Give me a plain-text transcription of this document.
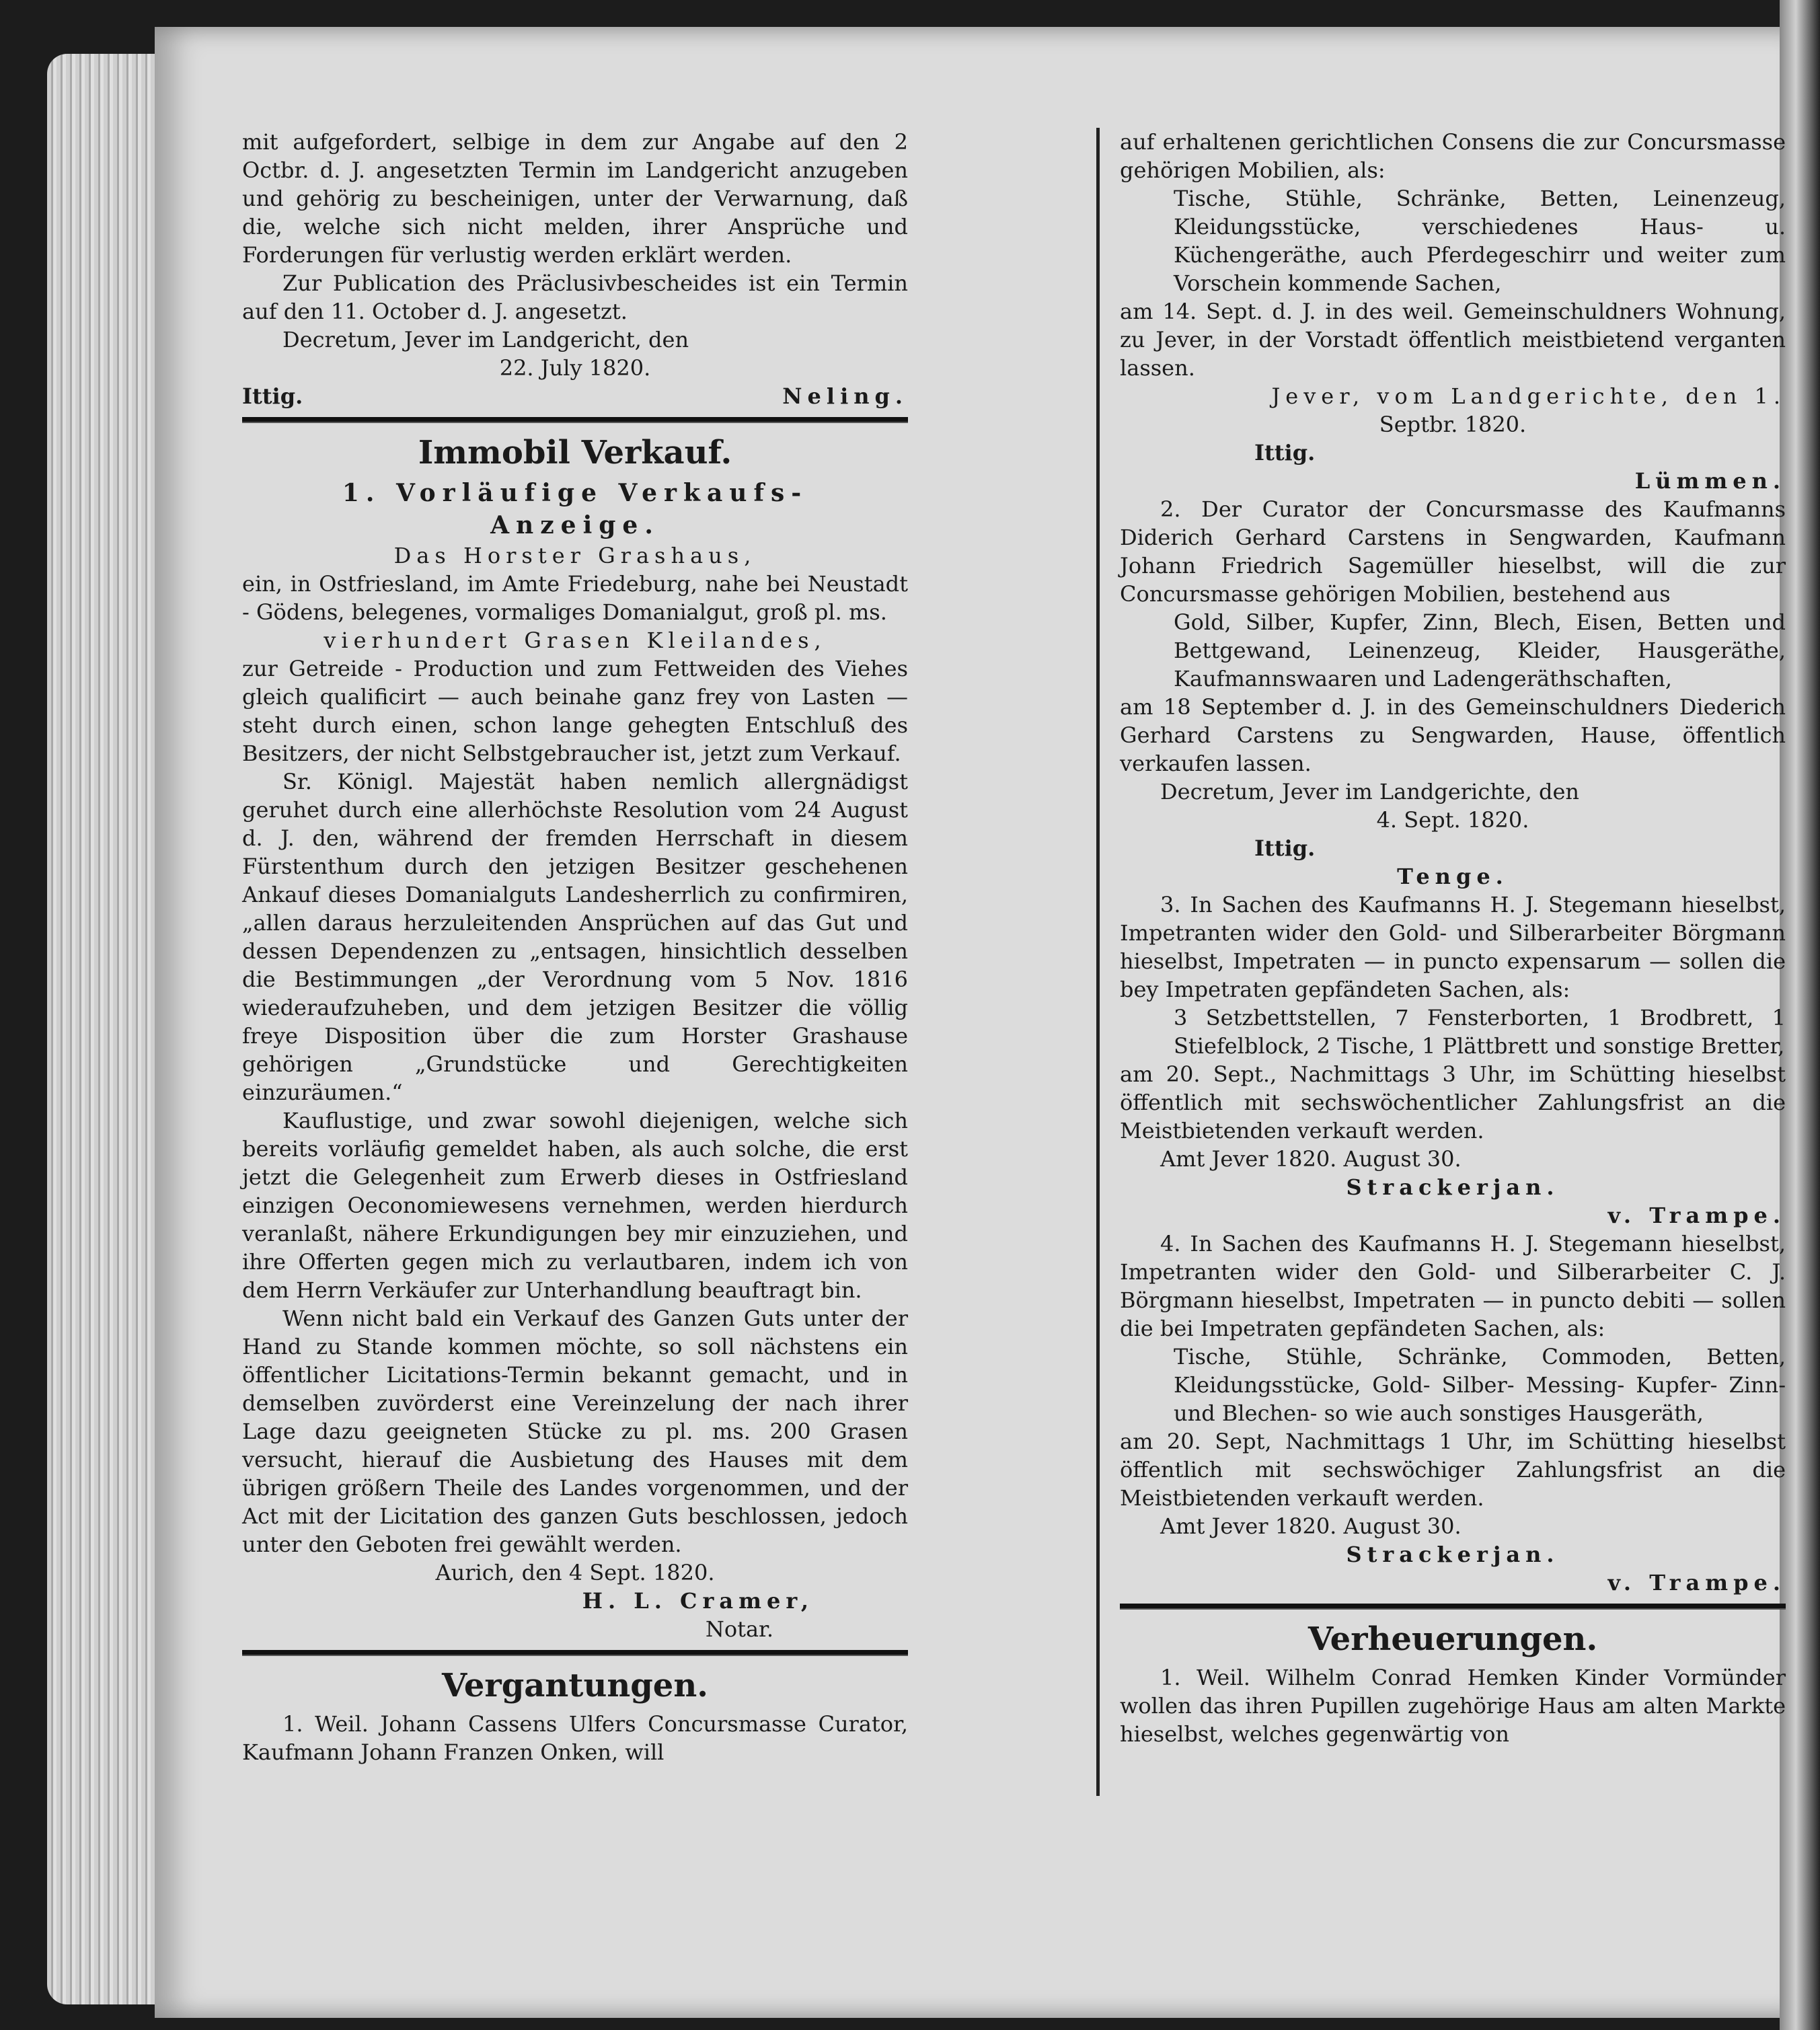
mit aufgefordert, selbige in dem zur Angabe auf den 2 Octbr. d. J. angesetzten Termin im Landgericht anzugeben und gehörig zu bescheinigen, unter der Verwarnung, daß die, welche sich nicht melden, ihrer Ansprüche und Forderungen für verlustig werden erklärt werden.

Zur Publication des Präclusivbescheides ist ein Termin auf den 11. October d. J. angesetzt.

Decretum, Jever im Landgericht, den

22. July 1820.

Ittig.	Neling.
Immobil Verkauf.
1. Vorläufige Verkaufs-
Anzeige.

Das Horster Grashaus,

ein, in Ostfriesland, im Amte Friedeburg, nahe bei Neustadt - Gödens, belegenes, vormaliges Domanialgut, groß pl. ms.

vierhundert Grasen Kleilandes,

zur Getreide - Production und zum Fettweiden des Viehes gleich qualificirt — auch beinahe ganz frey von Lasten — steht durch einen, schon lange gehegten Entschluß des Besitzers, der nicht Selbstgebraucher ist, jetzt zum Verkauf.

Sr. Königl. Majestät haben nemlich allergnädigst geruhet durch eine allerhöchste Resolution vom 24 August d. J. den, während der fremden Herrschaft in diesem Fürstenthum durch den jetzigen Besitzer geschehenen Ankauf dieses Domanialguts Landesherrlich zu confirmiren, „allen daraus herzuleitenden Ansprüchen auf das Gut und dessen Dependenzen zu „entsagen, hinsichtlich desselben die Bestimmungen „der Verordnung vom 5 Nov. 1816 wiederaufzuheben, und dem jetzigen Besitzer die völlig freye Disposition über die zum Horster Grashause gehörigen „Grundstücke und Gerechtigkeiten einzuräumen.“

Kauflustige, und zwar sowohl diejenigen, welche sich bereits vorläufig gemeldet haben, als auch solche, die erst jetzt die Gelegenheit zum Erwerb dieses in Ostfriesland einzigen Oeconomiewesens vernehmen, werden hierdurch veranlaßt, nähere Erkundigungen bey mir einzuziehen, und ihre Offerten gegen mich zu verlautbaren, indem ich von dem Herrn Verkäufer zur Unterhandlung beauftragt bin.

Wenn nicht bald ein Verkauf des Ganzen Guts unter der Hand zu Stande kommen möchte, so soll nächstens ein öffentlicher Licitations-Termin bekannt gemacht, und in demselben zuvörderst eine Vereinzelung der nach ihrer Lage dazu geeigneten Stücke zu pl. ms. 200 Grasen versucht, hierauf die Ausbietung des Hauses mit dem übrigen größern Theile des Landes vorgenommen, und der Act mit der Licitation des ganzen Guts beschlossen, jedoch unter den Geboten frei gewählt werden.

Aurich, den 4 Sept. 1820.

H. L. Cramer,

Notar.

Vergantungen.

1. Weil. Johann Cassens Ulfers Concursmasse Curator, Kaufmann Johann Franzen Onken, will

auf erhaltenen gerichtlichen Consens die zur Concursmasse gehörigen Mobilien, als:

Tische, Stühle, Schränke, Betten, Leinenzeug, Kleidungsstücke, verschiedenes Haus- u. Küchengeräthe, auch Pferdegeschirr und weiter zum Vorschein kommende Sachen,

am 14. Sept. d. J. in des weil. Gemeinschuldners Wohnung, zu Jever, in der Vorstadt öffentlich meistbietend verganten lassen.

Jever, vom Landgerichte, den 1.

Septbr. 1820.

Ittig.

Lümmen.

2. Der Curator der Concursmasse des Kaufmanns Diderich Gerhard Carstens in Sengwarden, Kaufmann Johann Friedrich Sagemüller hieselbst, will die zur Concursmasse gehörigen Mobilien, bestehend aus

Gold, Silber, Kupfer, Zinn, Blech, Eisen, Betten und Bettgewand, Leinenzeug, Kleider, Hausgeräthe, Kaufmannswaaren und Ladengeräthschaften,

am 18 September d. J. in des Gemeinschuldners Diederich Gerhard Carstens zu Sengwarden, Hause, öffentlich verkaufen lassen.

Decretum, Jever im Landgerichte, den

4. Sept. 1820.

Ittig.

Tenge.

3. In Sachen des Kaufmanns H. J. Stegemann hieselbst, Impetranten wider den Gold- und Silberarbeiter Börgmann hieselbst, Impetraten — in puncto expensarum — sollen die bey Impetraten gepfändeten Sachen, als:

3 Setzbettstellen, 7 Fensterborten, 1 Brodbrett, 1 Stiefelblock, 2 Tische, 1 Plättbrett und sonstige Bretter,

am 20. Sept., Nachmittags 3 Uhr, im Schütting hieselbst öffentlich mit sechswöchentlicher Zahlungsfrist an die Meistbietenden verkauft werden.

Amt Jever 1820. August 30.

Strackerjan.

v. Trampe.

4. In Sachen des Kaufmanns H. J. Stegemann hieselbst, Impetranten wider den Gold- und Silberarbeiter C. J. Börgmann hieselbst, Impetraten — in puncto debiti — sollen die bei Impetraten gepfändeten Sachen, als:

Tische, Stühle, Schränke, Commoden, Betten, Kleidungsstücke, Gold- Silber- Messing- Kupfer- Zinn- und Blechen- so wie auch sonstiges Hausgeräth,

am 20. Sept, Nachmittags 1 Uhr, im Schütting hieselbst öffentlich mit sechswöchiger Zahlungsfrist an die Meistbietenden verkauft werden.

Amt Jever 1820. August 30.

Strackerjan.

v. Trampe.

Verheuerungen.

1. Weil. Wilhelm Conrad Hemken Kinder Vormünder wollen das ihren Pupillen zugehörige Haus am alten Markte hieselbst, welches gegenwärtig von
